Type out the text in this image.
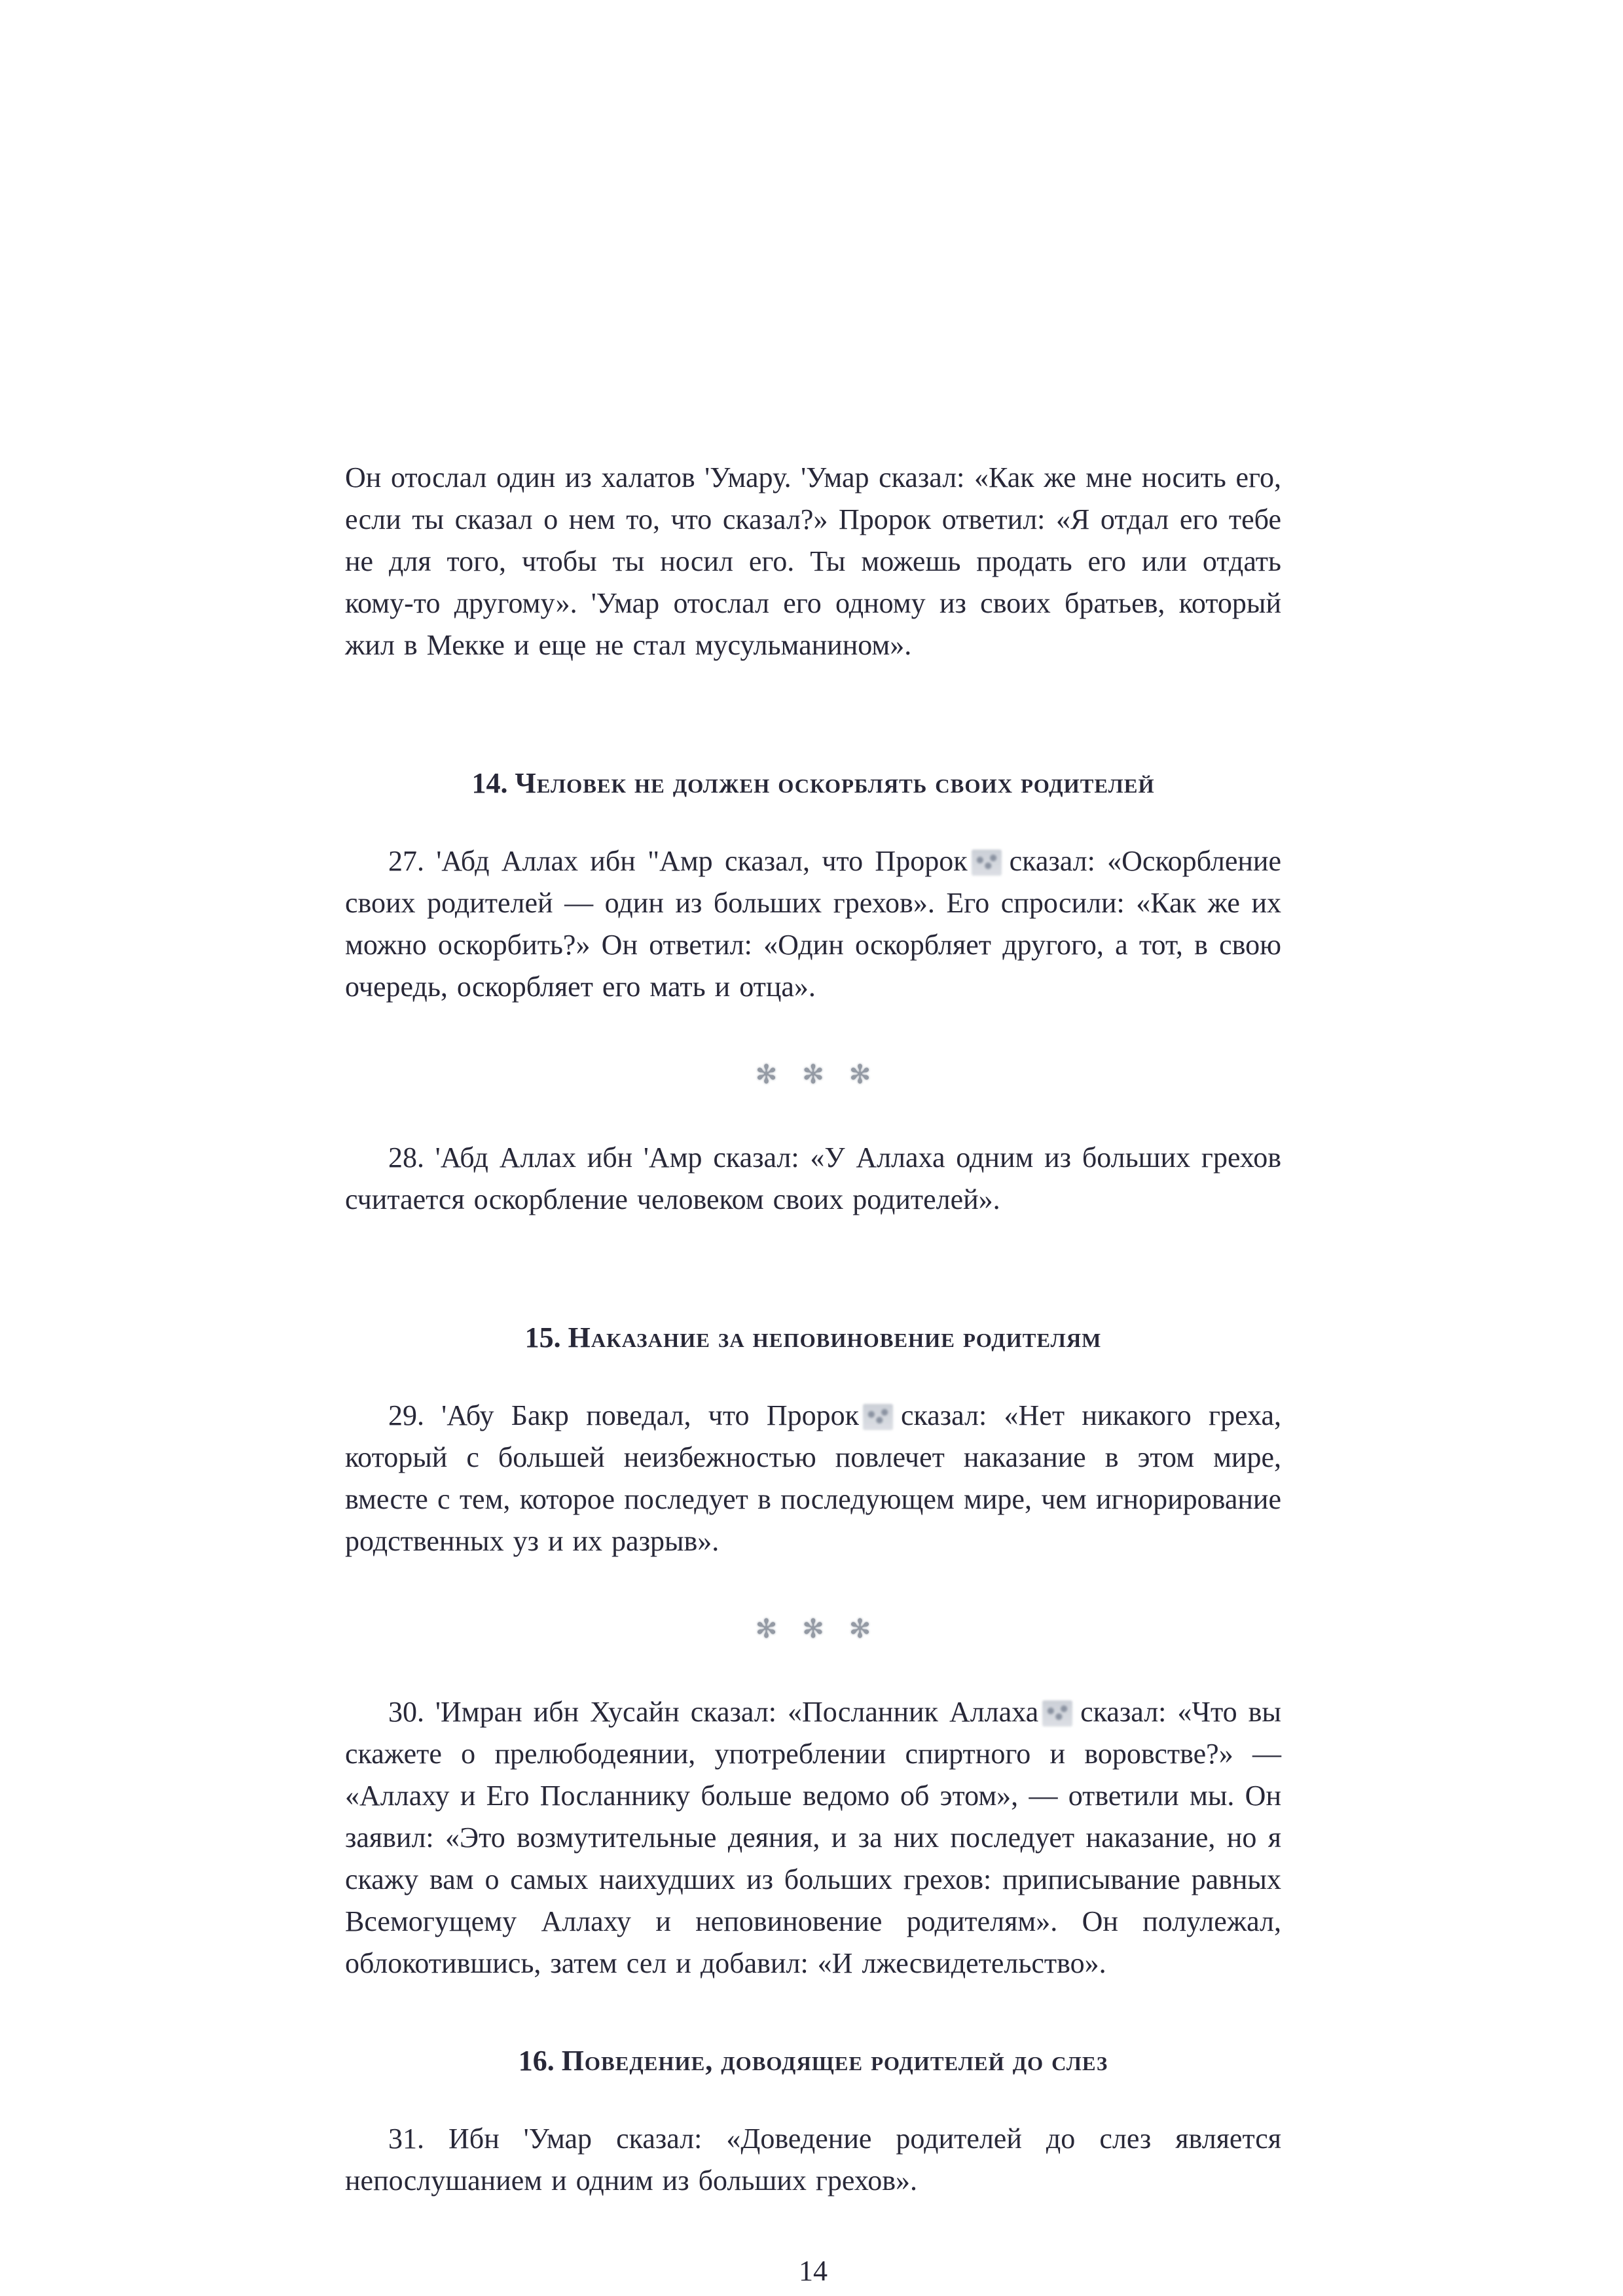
Он отослал один из халатов 'Умару. 'Умар сказал: «Как же мне носить его, если ты сказал о нем то, что сказал?» Пророк ответил: «Я отдал его тебе не для того, чтобы ты носил его. Ты можешь продать его или отдать кому-то другому». 'Умар отослал его одному из своих братьев, который жил в Мекке и еще не стал мусульманином».

14. Человек не должен оскорблять своих родителей

27. 'Абд Аллах ибн "Амр сказал, что Пророк сказал: «Оскорбление своих родителей — один из больших грехов». Его спросили: «Как же их можно оскорбить?» Он ответил: «Один оскорбляет другого, а тот, в свою очередь, оскорбляет его мать и отца».

✻ ✻ ✻

28. 'Абд Аллах ибн 'Амр сказал: «У Аллаха одним из больших грехов считается оскорбление человеком своих родителей».

15. Наказание за неповиновение родителям

29. 'Абу Бакр поведал, что Пророк сказал: «Нет никакого греха, который с большей неизбежностью повлечет наказание в этом мире, вместе с тем, которое последует в последующем мире, чем игнорирование родственных уз и их разрыв».

✻ ✻ ✻

30. 'Имран ибн Хусайн сказал: «Посланник Аллаха сказал: «Что вы скажете о прелюбодеянии, употреблении спиртного и воровстве?» — «Аллаху и Его Посланнику больше ведомо об этом», — ответили мы. Он заявил: «Это возмутительные деяния, и за них последует наказание, но я скажу вам о самых наихудших из больших грехов: приписывание равных Всемогущему Аллаху и неповиновение родителям». Он полулежал, облокотившись, затем сел и добавил: «И лжесвидетельство».

16. Поведение, доводящее родителей до слез

31. Ибн 'Умар сказал: «Доведение родителей до слез является непослушанием и одним из больших грехов».

14
